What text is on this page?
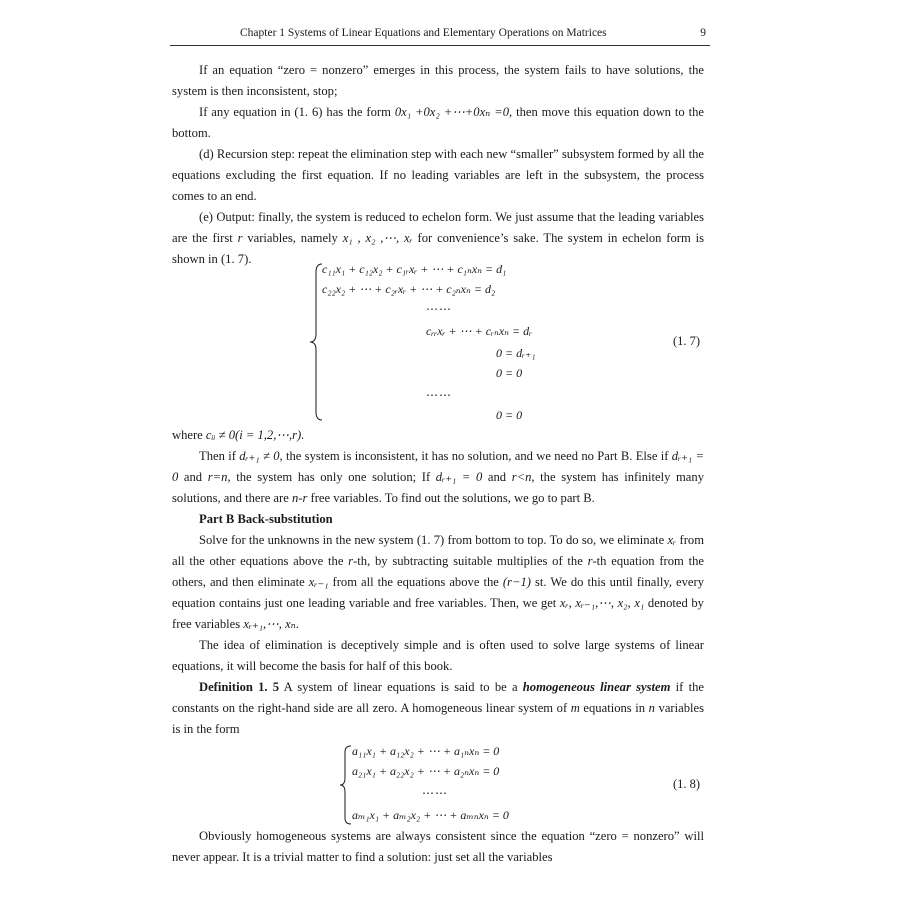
Chapter 1 Systems of Linear Equations and Elementary Operations on Matrices	9

If an equation “zero = nonzero” emerges in this process, the system fails to have solutions, the system is then inconsistent, stop;

If any equation in (1. 6) has the form 0x₁ +0x₂ +⋯+0xₙ =0, then move this equation down to the bottom.

(d) Recursion step: repeat the elimination step with each new “smaller” subsystem formed by all the equations excluding the first equation. If no leading variables are left in the subsystem, the process comes to an end.

(e) Output: finally, the system is reduced to echelon form. We just assume that the leading variables are the first r variables, namely x₁ , x₂ ,⋯, xᵣ for convenience’s sake. The system in echelon form is shown in (1. 7).

c₁₁x₁ + c₁₂x₂ + c₁ᵣxᵣ + ⋯ + c₁ₙxₙ = d₁
c₂₂x₂ + ⋯ + c₂ᵣxᵣ + ⋯ + c₂ₙxₙ = d₂
⋯⋯
cᵣᵣxᵣ + ⋯ + cᵣₙxₙ = dᵣ
0 = dᵣ₊₁
0 = 0
⋯⋯
0 = 0
(1. 7)

where cᵢᵢ ≠ 0(i = 1,2,⋯,r).

Then if dᵣ₊₁ ≠ 0, the system is inconsistent, it has no solution, and we need no Part B. Else if dᵣ₊₁ = 0 and r=n, the system has only one solution; If dᵣ₊₁ = 0 and r<n, the system has infinitely many solutions, and there are n-r free variables. To find out the solutions, we go to part B.

Part B Back-substitution

Solve for the unknowns in the new system (1. 7) from bottom to top. To do so, we eliminate xᵣ from all the other equations above the r-th, by subtracting suitable multiplies of the r-th equation from the others, and then eliminate xᵣ₋₁ from all the equations above the (r−1) st. We do this until finally, every equation contains just one leading variable and free variables. Then, we get xᵣ, xᵣ₋₁,⋯, x₂, x₁ denoted by free variables xᵣ₊₁,⋯, xₙ.

The idea of elimination is deceptively simple and is often used to solve large systems of linear equations, it will become the basis for half of this book.

Definition 1. 5 A system of linear equations is said to be a homogeneous linear system if the constants on the right-hand side are all zero. A homogeneous linear system of m equations in n variables is in the form

a₁₁x₁ + a₁₂x₂ + ⋯ + a₁ₙxₙ = 0
a₂₁x₁ + a₂₂x₂ + ⋯ + a₂ₙxₙ = 0
⋯⋯
aₘ₁x₁ + aₘ₂x₂ + ⋯ + aₘₙxₙ = 0
(1. 8)

Obviously homogeneous systems are always consistent since the equation “zero = nonzero” will never appear. It is a trivial matter to find a solution: just set all the variables
